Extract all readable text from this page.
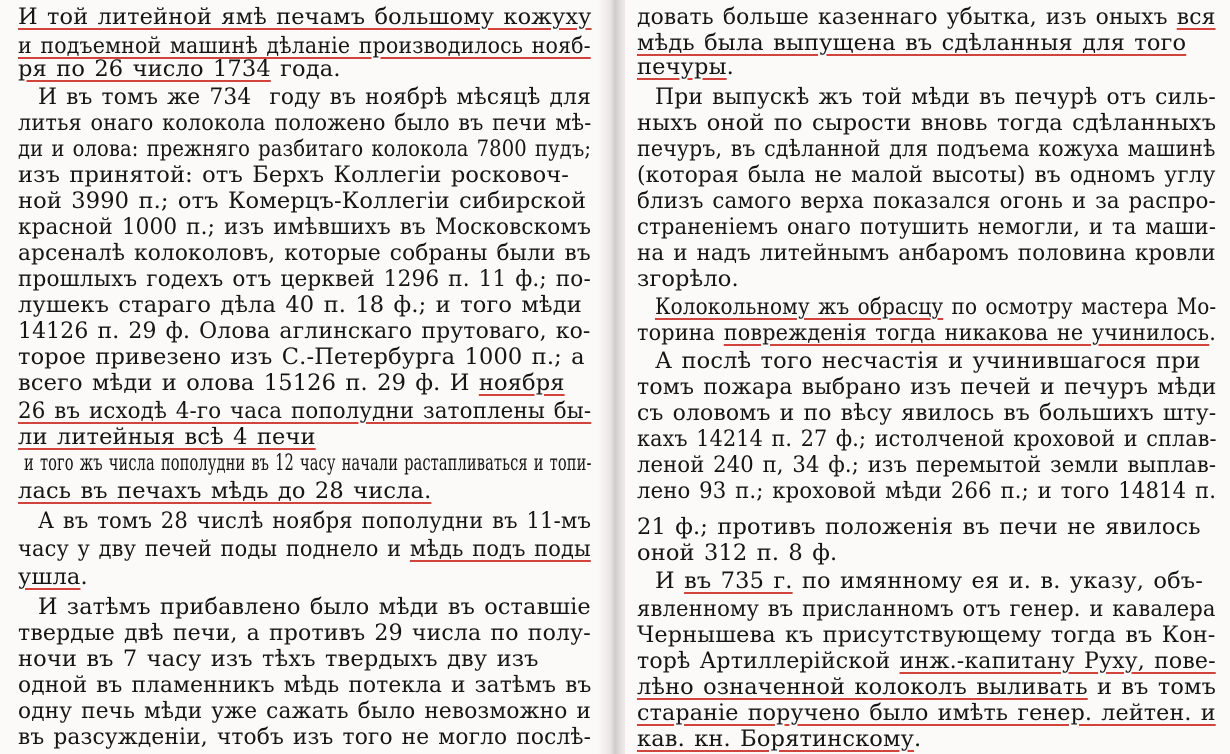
И той литейной ямѣ печамъ большому кожуху
и подъемной машинѣ дѣланіе производилось нояб-
ря по 26 число 1734 года.
И въ томъ же 734  году въ ноябрѣ мѣсяцѣ для
литья онаго колокола положено было въ печи мѣ-
ди и олова: прежняго разбитаго колокола 7800 пудъ;
изъ принятой: отъ Берхъ Коллегіи росковоч-
ной 3990 п.; отъ Комерцъ-Коллегіи сибирской
красной 1000 п.; изъ имѣвшихъ въ Московскомъ
арсеналѣ колоколовъ, которые собраны были въ
прошлыхъ годехъ отъ церквей 1296 п. 11 ф.; по-
лушекъ стараго дѣла 40 п. 18 ф.; и того мѣди
14126 п. 29 ф. Олова аглинскаго прутоваго, ко-
торое привезено изъ С.-Петербурга 1000 п.; а
всего мѣди и олова 15126 п. 29 ф. И ноября
26 въ исходѣ 4-го часа пополудни затоплены бы-
ли литейныя всѣ 4 печи
и того жъ числа пополудни въ 12 часу начали растапливаться и топи-
лась въ печахъ мѣдь до 28 числа.
А въ томъ 28 числѣ ноября пополудни въ 11-мъ
часу у дву печей поды поднело и мѣдь подъ поды
ушла.
И затѣмъ прибавлено было мѣди въ оставшіе
твердые двѣ печи, а противъ 29 числа по полу-
ночи въ 7 часу изъ тѣхъ твердыхъ дву изъ
одной въ пламенникъ мѣдь потекла и затѣмъ въ
одну печь мѣди уже сажать было невозможно и
въ разсужденіи, чтобъ изъ того не могло послѣ-
довать больше казеннаго убытка, изъ оныхъ вся
мѣдь была выпущена въ сдѣланныя для того
печуры.
При выпускѣ жъ той мѣди въ печурѣ отъ силь-
ныхъ оной по сырости вновь тогда сдѣланныхъ
печуръ, въ сдѣланной для подъема кожуха машинѣ
(которая была не малой высоты) въ одномъ углу
близъ самого верха показался огонь и за распро-
страненіемъ онаго потушить немогли, и та маши-
на и надъ литейнымъ анбаромъ половина кровли
згорѣло.
Колокольному жъ обрасцу по осмотру мастера Мо-
торина поврежденія тогда никакова не учинилось.
А послѣ того несчастія и учинившагося при
томъ пожара выбрано изъ печей и печуръ мѣди
съ оловомъ и по вѣсу явилось въ большихъ шту-
кахъ 14214 п. 27 ф.; истолченой кроховой и сплав-
леной 240 п, 34 ф.; изъ перемытой земли выплав-
лено 93 п.; кроховой мѣди 266 п.; и того 14814 п.
21 ф.; противъ положенія въ печи не явилось
оной 312 п. 8 ф.
И въ 735 г. по имянному ея и. в. указу, объ-
явленному въ присланномъ отъ генер. и кавалера
Чернышева къ присутствующему тогда въ Кон-
торѣ Артиллерійской инж.-капитану Руху, пове-
лѣно означенной колоколъ выливать и въ томъ
стараніе поручено было имѣть генер. лейтен. и
кав. кн. Борятинскому.
